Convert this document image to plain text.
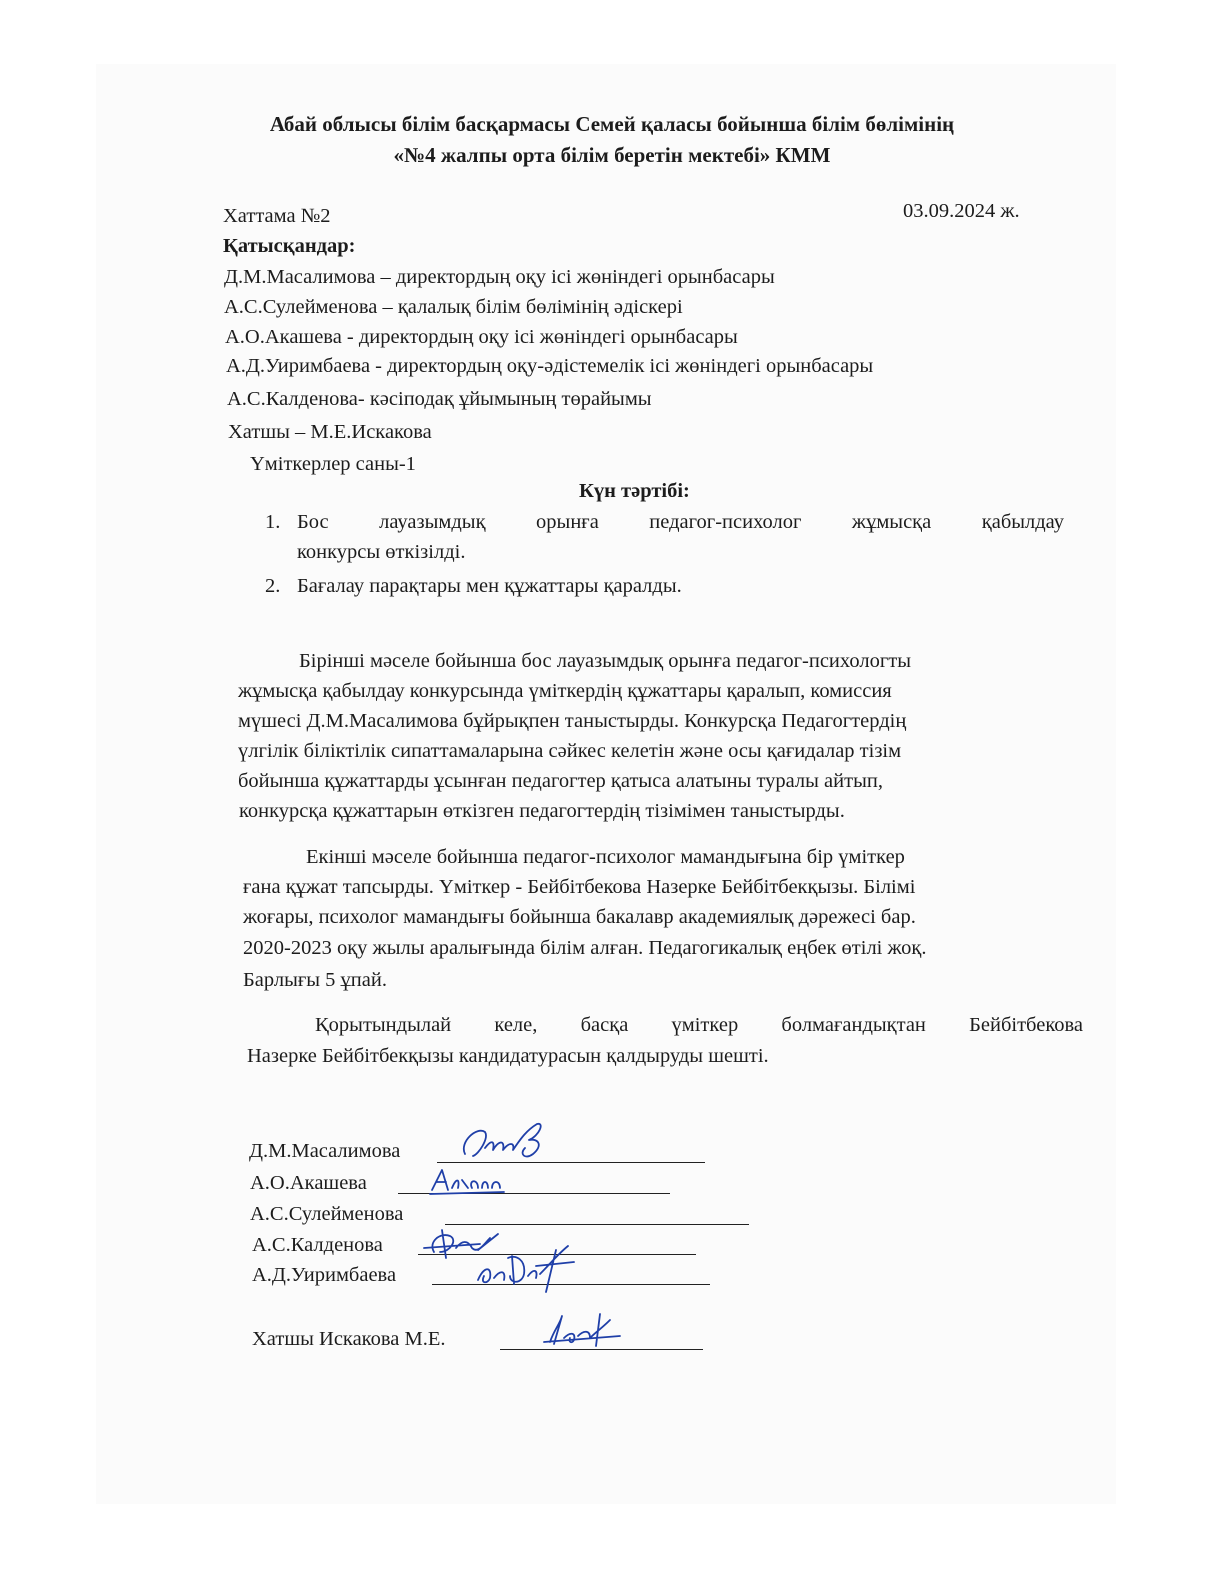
Абай облысы білім басқармасы Семей қаласы бойынша білім бөлімінің
«№4 жалпы орта білім беретін мектебі» КММ
Хаттама №2	03.09.2024 ж.
Қатысқандар:
Д.М.Масалимова – директордың оқу ісі жөніндегі орынбасары
А.С.Сулейменова – қалалық білім бөлімінің әдіскері
А.О.Акашева - директордың оқу ісі жөніндегі орынбасары
А.Д.Уиримбаева - директордың оқу-әдістемелік ісі жөніндегі орынбасары
А.С.Калденова- кәсіподақ ұйымының төрайымы
Хатшы – М.Е.Искакова
Үміткерлер саны-1
Күн тәртібі:
1. Бос лауазымдық орынға педагог-психолог жұмысқа қабылдау
конкурсы өткізілді.
2. Бағалау парақтары мен құжаттары қаралды.
Бірінші мәселе бойынша бос лауазымдық орынға педагог-психологты
жұмысқа қабылдау конкурсында үміткердің құжаттары қаралып, комиссия
мүшесі Д.М.Масалимова бұйрықпен таныстырды. Конкурсқа Педагогтердің
үлгілік біліктілік сипаттамаларына сәйкес келетін және осы қағидалар тізім
бойынша құжаттарды ұсынған педагогтер қатыса алатыны туралы айтып,
конкурсқа құжаттарын өткізген педагогтердің тізімімен таныстырды.
Екінші мәселе бойынша педагог-психолог мамандығына бір үміткер
ғана құжат тапсырды. Үміткер - Бейбітбекова Назерке Бейбітбекқызы. Білімі
жоғары, психолог мамандығы бойынша бакалавр академиялық дәрежесі бар.
2020-2023 оқу жылы аралығында білім алған. Педагогикалық еңбек өтілі жоқ.
Барлығы 5 ұпай.
Қорытындылай келе, басқа үміткер болмағандықтан Бейбітбекова
Назерке Бейбітбекқызы кандидатурасын қалдыруды шешті.
Д.М.Масалимова
А.О.Акашева
А.С.Сулейменова
А.С.Калденова
А.Д.Уиримбаева
Хатшы Искакова М.Е.
